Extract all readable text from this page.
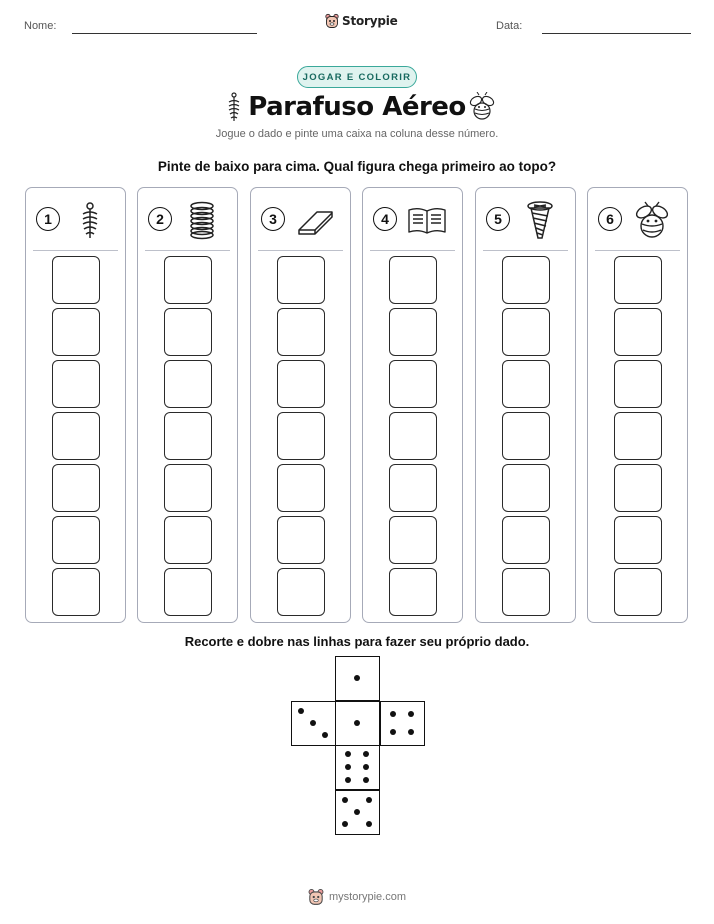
Nome:	Storypie	Data:
JOGAR E COLORIR
Parafuso Aéreo
Jogue o dado e pinte uma caixa na coluna desse número.
Pinte de baixo para cima. Qual figura chega primeiro ao topo?
1	2	3	4	5	6
Recorte e dobre nas linhas para fazer seu próprio dado.
mystorypie.com
